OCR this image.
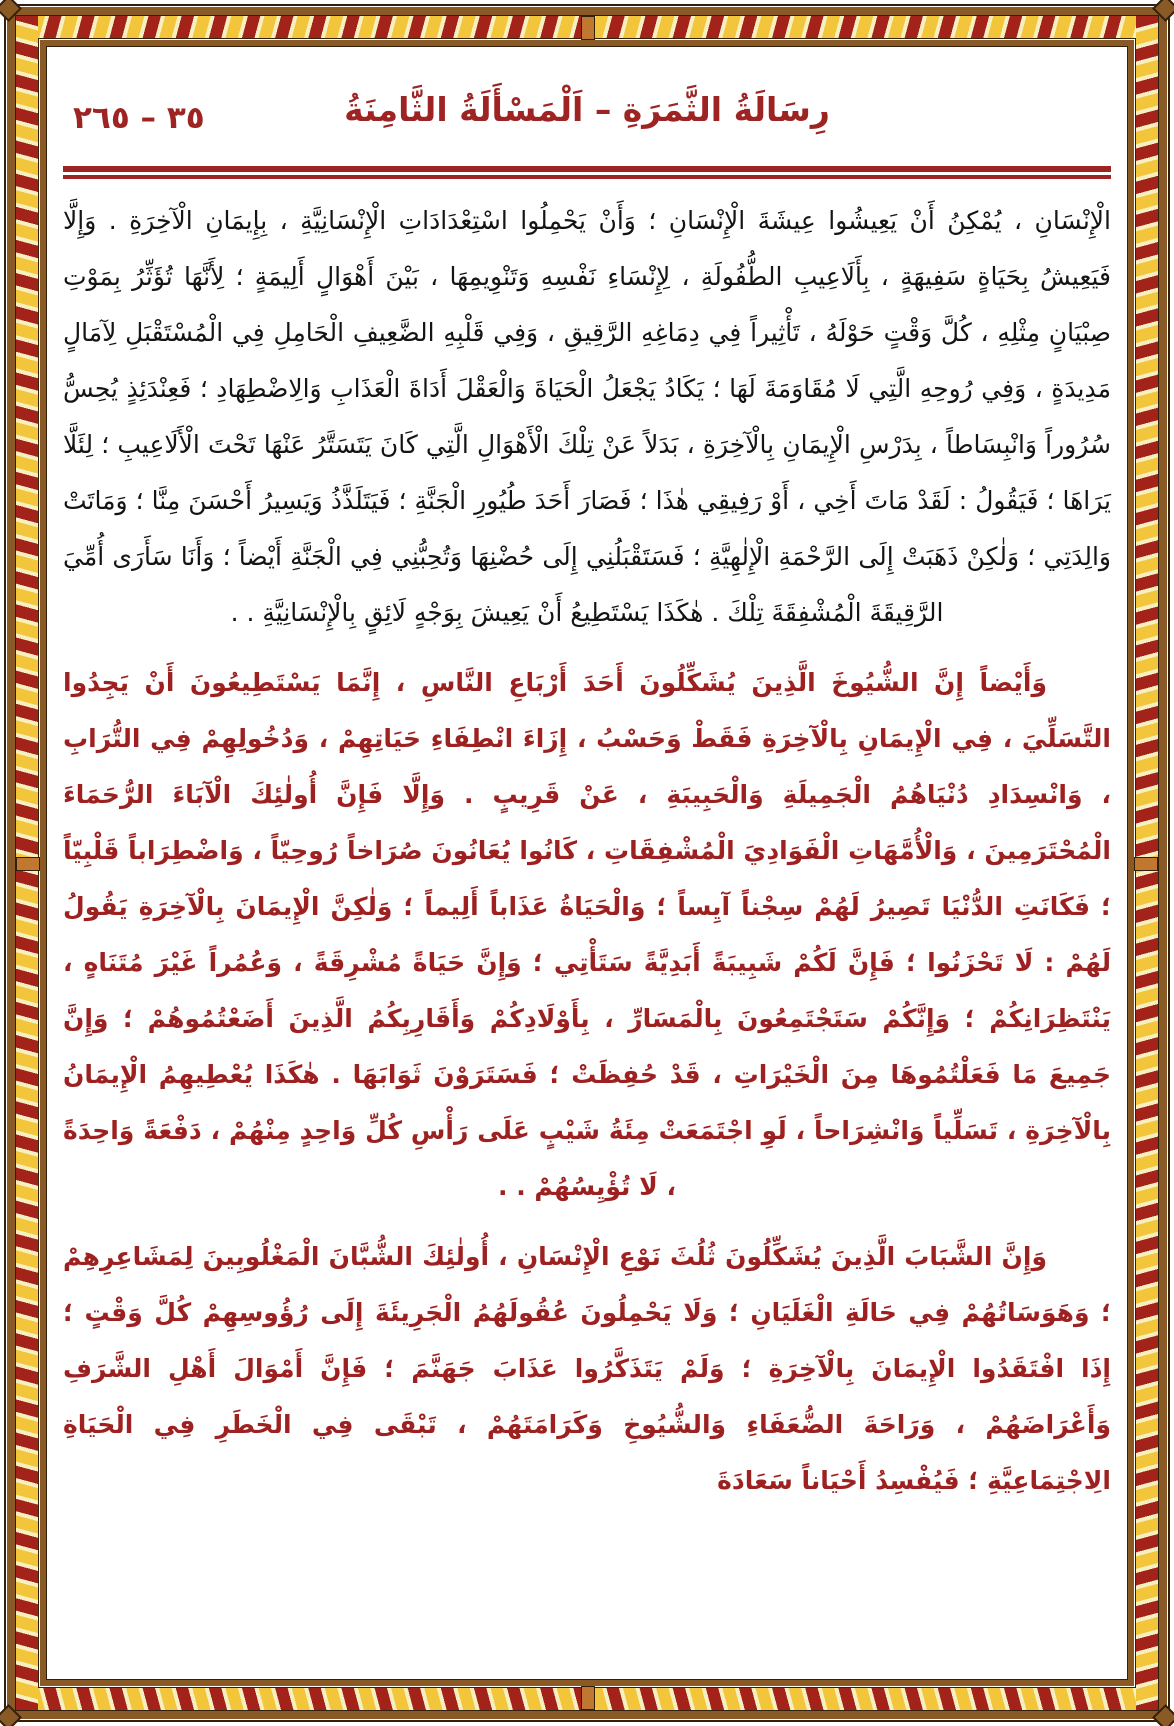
٣٥ – ٢٦٥	رِسَالَةُ الثَّمَرَةِ – اَلْمَسْأَلَةُ الثَّامِنَةُ

الْإِنْسَانِ ، يُمْكِنُ أَنْ يَعِيشُوا عِيشَةَ الْإِنْسَانِ ؛ وَأَنْ يَحْمِلُوا اسْتِعْدَادَاتِ الْإِنْسَانِيَّةِ ، بِإِيمَانِ الْآخِرَةِ . وَإِلَّا فَيَعِيشُ بِحَيَاةٍ سَفِيهَةٍ ، بِأَلَاعِيبِ الطُّفُولَةِ ، لِإِنْسَاءِ نَفْسِهِ وَتَنْوِيمِهَا ، بَيْنَ أَهْوَالٍ أَلِيمَةٍ ؛ لِأَنَّهَا تُؤَثِّرُ بِمَوْتِ صِبْيَانٍ مِثْلِهِ ، كُلَّ وَقْتٍ حَوْلَهُ ، تَأْثِيراً فِي دِمَاغِهِ الرَّقِيقِ ، وَفِي قَلْبِهِ الضَّعِيفِ الْحَامِلِ فِي الْمُسْتَقْبَلِ لِآمَالٍ مَدِيدَةٍ ، وَفِي رُوحِهِ الَّتِي لَا مُقَاوَمَةَ لَهَا ؛ يَكَادُ يَجْعَلُ الْحَيَاةَ وَالْعَقْلَ أَدَاةَ الْعَذَابِ وَالِاضْطِهَادِ ؛ فَعِنْدَئِذٍ يُحِسُّ سُرُوراً وَانْبِسَاطاً ، بِدَرْسِ الْإِيمَانِ بِالْآخِرَةِ ، بَدَلاً عَنْ تِلْكَ الْأَهْوَالِ الَّتِي كَانَ يَتَسَتَّرُ عَنْهَا تَحْتَ الْأَلَاعِيبِ ؛ لِئَلَّا يَرَاهَا ؛ فَيَقُولُ : لَقَدْ مَاتَ أَخِي ، أَوْ رَفِيقِي هٰذَا ؛ فَصَارَ أَحَدَ طُيُورِ الْجَنَّةِ ؛ فَيَتَلَذَّذُ وَيَسِيرُ أَحْسَنَ مِنَّا ؛ وَمَاتَتْ وَالِدَتِي ؛ وَلٰكِنْ ذَهَبَتْ إِلَى الرَّحْمَةِ الْإِلٰهِيَّةِ ؛ فَسَتَقْبَلُنِي إِلَى حُضْنِهَا وَتُحِبُّنِي فِي الْجَنَّةِ أَيْضاً ؛ وَأَنَا سَأَرَى أُمِّيَ الرَّقِيقَةَ الْمُشْفِقَةَ تِلْكَ . هٰكَذَا يَسْتَطِيعُ أَنْ يَعِيشَ بِوَجْهٍ لَائِقٍ بِالْإِنْسَانِيَّةِ . .

وَأَيْضاً إِنَّ الشُّيُوخَ الَّذِينَ يُشَكِّلُونَ أَحَدَ أَرْبَاعِ النَّاسِ ، إِنَّمَا يَسْتَطِيعُونَ أَنْ يَجِدُوا التَّسَلِّيَ ، فِي الْإِيمَانِ بِالْآخِرَةِ فَقَطْ وَحَسْبُ ، إِزَاءَ انْطِفَاءِ حَيَاتِهِمْ ، وَدُخُولِهِمْ فِي التُّرَابِ ، وَانْسِدَادِ دُنْيَاهُمُ الْجَمِيلَةِ وَالْحَبِيبَةِ ، عَنْ قَرِيبٍ . وَإِلَّا فَإِنَّ أُولٰئِكَ الْآبَاءَ الرُّحَمَاءَ الْمُحْتَرَمِينَ ، وَالْأُمَّهَاتِ الْفَوَادِيَ الْمُشْفِقَاتِ ، كَانُوا يُعَانُونَ صُرَاخاً رُوحِيّاً ، وَاضْطِرَاباً قَلْبِيّاً ؛ فَكَانَتِ الدُّنْيَا تَصِيرُ لَهُمْ سِجْناً آيِساً ؛ وَالْحَيَاةُ عَذَاباً أَلِيماً ؛ وَلٰكِنَّ الْإِيمَانَ بِالْآخِرَةِ يَقُولُ لَهُمْ : لَا تَحْزَنُوا ؛ فَإِنَّ لَكُمْ شَبِيبَةً أَبَدِيَّةً سَتَأْتِي ؛ وَإِنَّ حَيَاةً مُشْرِقَةً ، وَعُمُراً غَيْرَ مُتَنَاهٍ ، يَنْتَظِرَانِكُمْ ؛ وَإِنَّكُمْ سَتَجْتَمِعُونَ بِالْمَسَارِّ ، بِأَوْلَادِكُمْ وَأَقَارِبِكُمُ الَّذِينَ أَضَعْتُمُوهُمْ ؛ وَإِنَّ جَمِيعَ مَا فَعَلْتُمُوهَا مِنَ الْخَيْرَاتِ ، قَدْ حُفِظَتْ ؛ فَسَتَرَوْنَ ثَوَابَهَا . هٰكَذَا يُعْطِيهِمُ الْإِيمَانُ بِالْآخِرَةِ ، تَسَلِّياً وَانْشِرَاحاً ، لَوِ اجْتَمَعَتْ مِئَةُ شَيْبٍ عَلَى رَأْسِ كُلِّ وَاحِدٍ مِنْهُمْ ، دَفْعَةً وَاحِدَةً ، لَا تُؤْيِسُهُمْ . .

وَإِنَّ الشَّبَابَ الَّذِينَ يُشَكِّلُونَ ثُلُثَ نَوْعِ الْإِنْسَانِ ، أُولٰئِكَ الشُّبَّانَ الْمَغْلُوبِينَ لِمَشَاعِرِهِمْ ؛ وَهَوَسَاتُهُمْ فِي حَالَةِ الْغَلَيَانِ ؛ وَلَا يَحْمِلُونَ عُقُولَهُمُ الْجَرِيئَةَ إِلَى رُؤُوسِهِمْ كُلَّ وَقْتٍ ؛ إِذَا افْتَقَدُوا الْإِيمَانَ بِالْآخِرَةِ ؛ وَلَمْ يَتَذَكَّرُوا عَذَابَ جَهَنَّمَ ؛ فَإِنَّ أَمْوَالَ أَهْلِ الشَّرَفِ وَأَعْرَاضَهُمْ ، وَرَاحَةَ الضُّعَفَاءِ وَالشُّيُوخِ وَكَرَامَتَهُمْ ، تَبْقَى فِي الْخَطَرِ فِي الْحَيَاةِ الِاجْتِمَاعِيَّةِ ؛ فَيُفْسِدُ أَحْيَاناً سَعَادَةَ
